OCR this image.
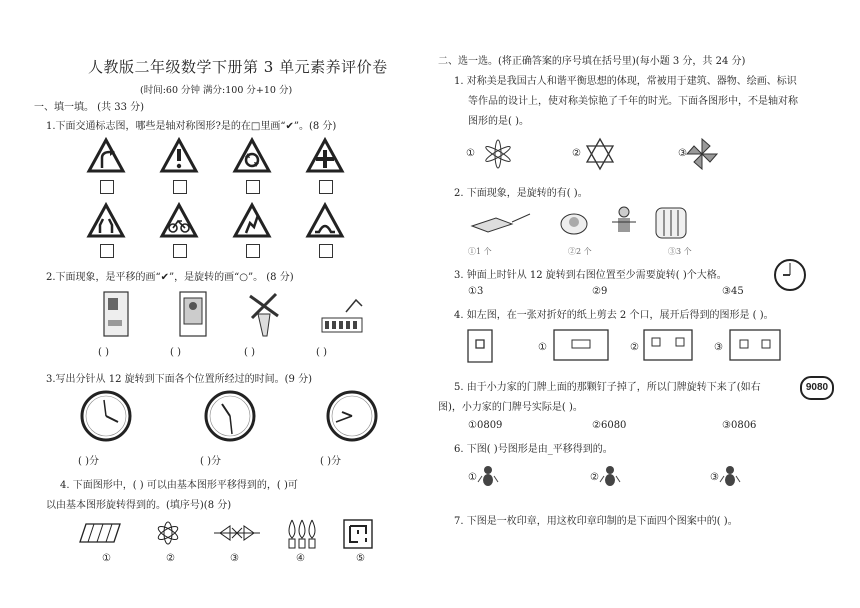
人教版二年级数学下册第 3 单元素养评价卷
(时间:60 分钟 满分:100 分+10 分)
一、填一填。 (共 33 分)
1.下面交通标志图，哪些是轴对称图形?是的在□里画“✔”。(8 分)
2.下面现象，是平移的画“✔”，是旋转的画“○”。 (8 分)
( )	( )	( )	( )
3.写出分针从 12 旋转到下面各个位置所经过的时间。(9 分)
( )分	( )分	( )分
4. 下面图形中，( ) 可以由基本图形平移得到的，( )可
以由基本图形旋转得到的。(填序号)(8 分)
①	②	③	④	⑤
二、选一选。(将正确答案的序号填在括号里)(每小题 3 分，共 24 分)
1. 对称美是我国古人和谐平衡思想的体现，常被用于建筑、器物、绘画、标识
等作品的设计上，使对称美惊艳了千年的时光。下面各图形中，不是轴对称
图形的是( )。
①	②	③
2. 下面现象，是旋转的有( )。
①1 个	②2 个	③3 个
3. 钟面上时针从 12 旋转到右图位置至少需要旋转( )个大格。
①3	②9	③45
4. 如左图，在一张对折好的纸上剪去 2 个口，展开后得到的图形是 ( )。
①	②	③
5. 由于小力家的门牌上面的那颗钉子掉了，所以门牌旋转下来了(如右
图)，小力家的门牌号实际是( )。
9080
①0809	②6080	③0806
6. 下图( )号图形是由_平移得到的。
①	②	③
7. 下图是一枚印章，用这枚印章印制的是下面四个图案中的( )。
